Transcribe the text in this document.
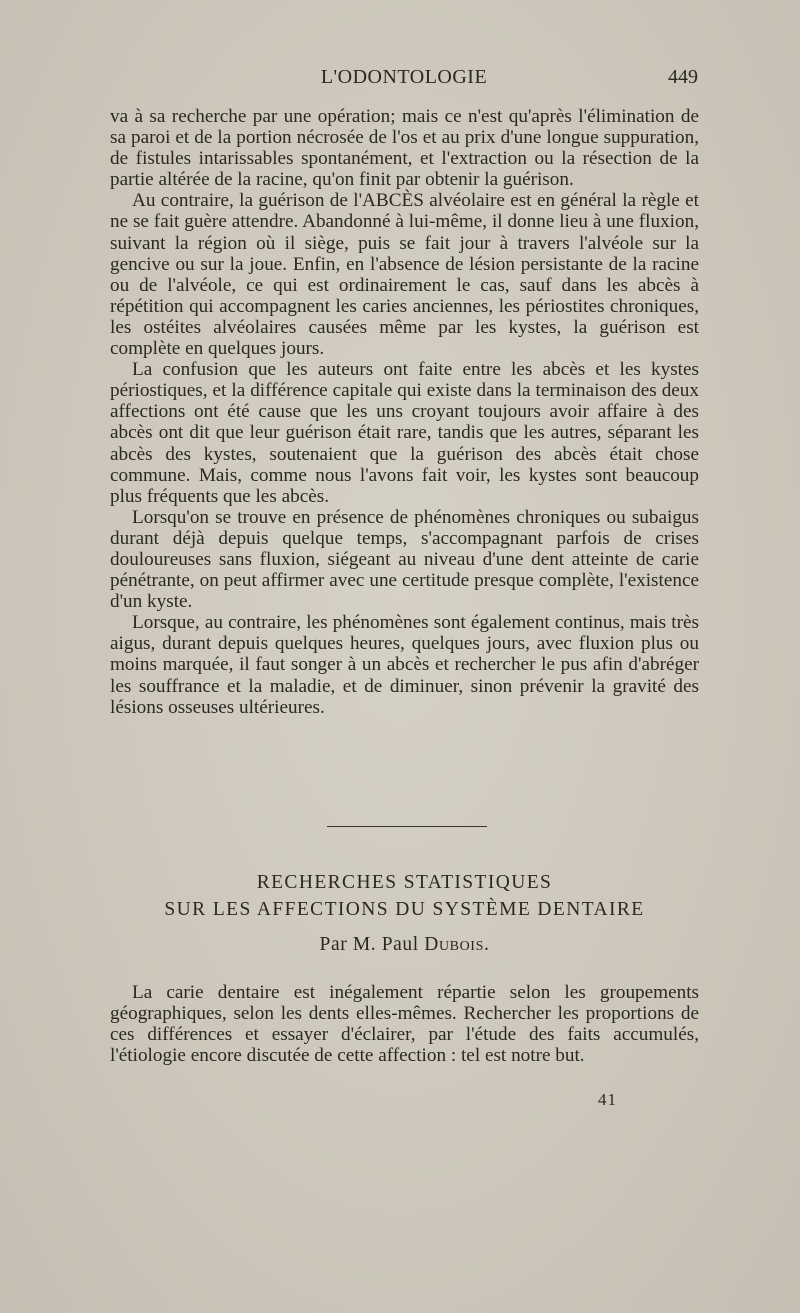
L'ODONTOLOGIE	449

va à sa recherche par une opération; mais ce n'est qu'après l'élimination de sa paroi et de la portion nécrosée de l'os et au prix d'une longue suppuration, de fistules intarissables spontanément, et l'extraction ou la résection de la partie altérée de la racine, qu'on finit par obtenir la guérison.

Au contraire, la guérison de l'ABCÈS alvéolaire est en général la règle et ne se fait guère attendre. Abandonné à lui-même, il donne lieu à une fluxion, suivant la région où il siège, puis se fait jour à travers l'alvéole sur la gencive ou sur la joue. Enfin, en l'absence de lésion persistante de la racine ou de l'alvéole, ce qui est ordinairement le cas, sauf dans les abcès à répétition qui accompagnent les caries anciennes, les périostites chroniques, les ostéites alvéolaires causées même par les kystes, la guérison est complète en quelques jours.

La confusion que les auteurs ont faite entre les abcès et les kystes périostiques, et la différence capitale qui existe dans la terminaison des deux affections ont été cause que les uns croyant toujours avoir affaire à des abcès ont dit que leur guérison était rare, tandis que les autres, séparant les abcès des kystes, soutenaient que la guérison des abcès était chose commune. Mais, comme nous l'avons fait voir, les kystes sont beaucoup plus fréquents que les abcès.

Lorsqu'on se trouve en présence de phénomènes chroniques ou subaigus durant déjà depuis quelque temps, s'accompagnant parfois de crises douloureuses sans fluxion, siégeant au niveau d'une dent atteinte de carie pénétrante, on peut affirmer avec une certitude presque complète, l'existence d'un kyste.

Lorsque, au contraire, les phénomènes sont également continus, mais très aigus, durant depuis quelques heures, quelques jours, avec fluxion plus ou moins marquée, il faut songer à un abcès et rechercher le pus afin d'abréger les souffrance et la maladie, et de diminuer, sinon prévenir la gravité des lésions osseuses ultérieures.

RECHERCHES STATISTIQUES
SUR LES AFFECTIONS DU SYSTÈME DENTAIRE
Par M. Paul Dubois.

La carie dentaire est inégalement répartie selon les groupements géographiques, selon les dents elles-mêmes. Rechercher les proportions de ces différences et essayer d'éclairer, par l'étude des faits accumulés, l'étiologie encore discutée de cette affection : tel est notre but.

41
